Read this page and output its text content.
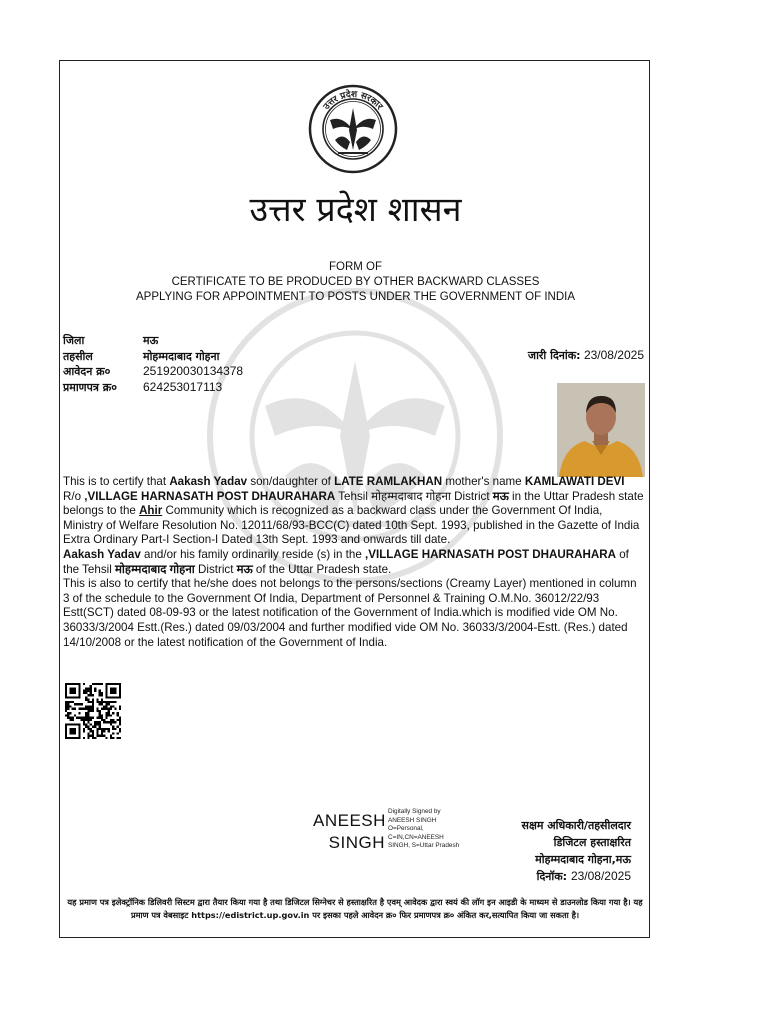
उत्तर प्रदेश सरकार
उत्तर प्रदेश शासन
FORM OF
CERTIFICATE TO BE PRODUCED BY OTHER BACKWARD CLASSES
APPLYING FOR APPOINTMENT TO POSTS UNDER THE GOVERNMENT OF INDIA
जिला	मऊ
तहसील	मोहम्मदाबाद गोहना
आवेदन क्र०	251920030134378
प्रमाणपत्र क्र०	624253017113
जारी दिनांक: 23/08/2025

This is to certify that Aakash Yadav son/daughter of LATE RAMLAKHAN mother's name KAMLAWATI DEVI R/o ,VILLAGE HARNASATH POST DHAURAHARA Tehsil मोहम्मदाबाद गोहना District मऊ in the Uttar Pradesh state belongs to the Ahir Community which is recognized as a backward class under the Government Of India, Ministry of Welfare Resolution No. 12011/68/93-BCC(C) dated 10th Sept. 1993, published in the Gazette of India Extra Ordinary Part-I Section-I Dated 13th Sept. 1993 and onwards till date.

Aakash Yadav and/or his family ordinarily reside (s) in the ,VILLAGE HARNASATH POST DHAURAHARA of the Tehsil मोहम्मदाबाद गोहना District मऊ of the Uttar Pradesh state.

This is also to certify that he/she does not belongs to the persons/sections (Creamy Layer) mentioned in column 3 of the schedule to the Government Of India, Department of Personnel & Training O.M.No. 36012/22/93 Estt(SCT) dated 08-09-93 or the latest notification of the Government of India.which is modified vide OM No. 36033/3/2004 Estt.(Res.) dated 09/03/2004 and further modified vide OM No. 36033/3/2004-Estt. (Res.) dated 14/10/2008 or the latest notification of the Government of India.

ANEESH
SINGH
Digitally Signed by
ANEESH SINGH
O=Personal,
C=IN,CN=ANEESH
SINGH, S=Uttar Pradesh
सक्षम अधिकारी/तहसीलदार
डिजिटल हस्ताक्षरित
मोहम्मदाबाद गोहना,मऊ
दिनॉक: 23/08/2025
यह प्रमाण पत्र इलेक्ट्रॉनिक डिलिवरी सिस्टम द्वारा तैयार किया गया है तथा डिजिटल सिग्नेचर से हस्ताक्षरित है एवम् आवेदक द्वारा स्वयं की लॉग इन आइडी के माध्यम से डाउनलोड किया गया है। यह प्रमाण पत्र वेबसाइट https://edistrict.up.gov.in पर इसका पहले आवेदन क्र० फिर प्रमाणपत्र क्र० अंकित कर,सत्यापित किया जा सकता है।
